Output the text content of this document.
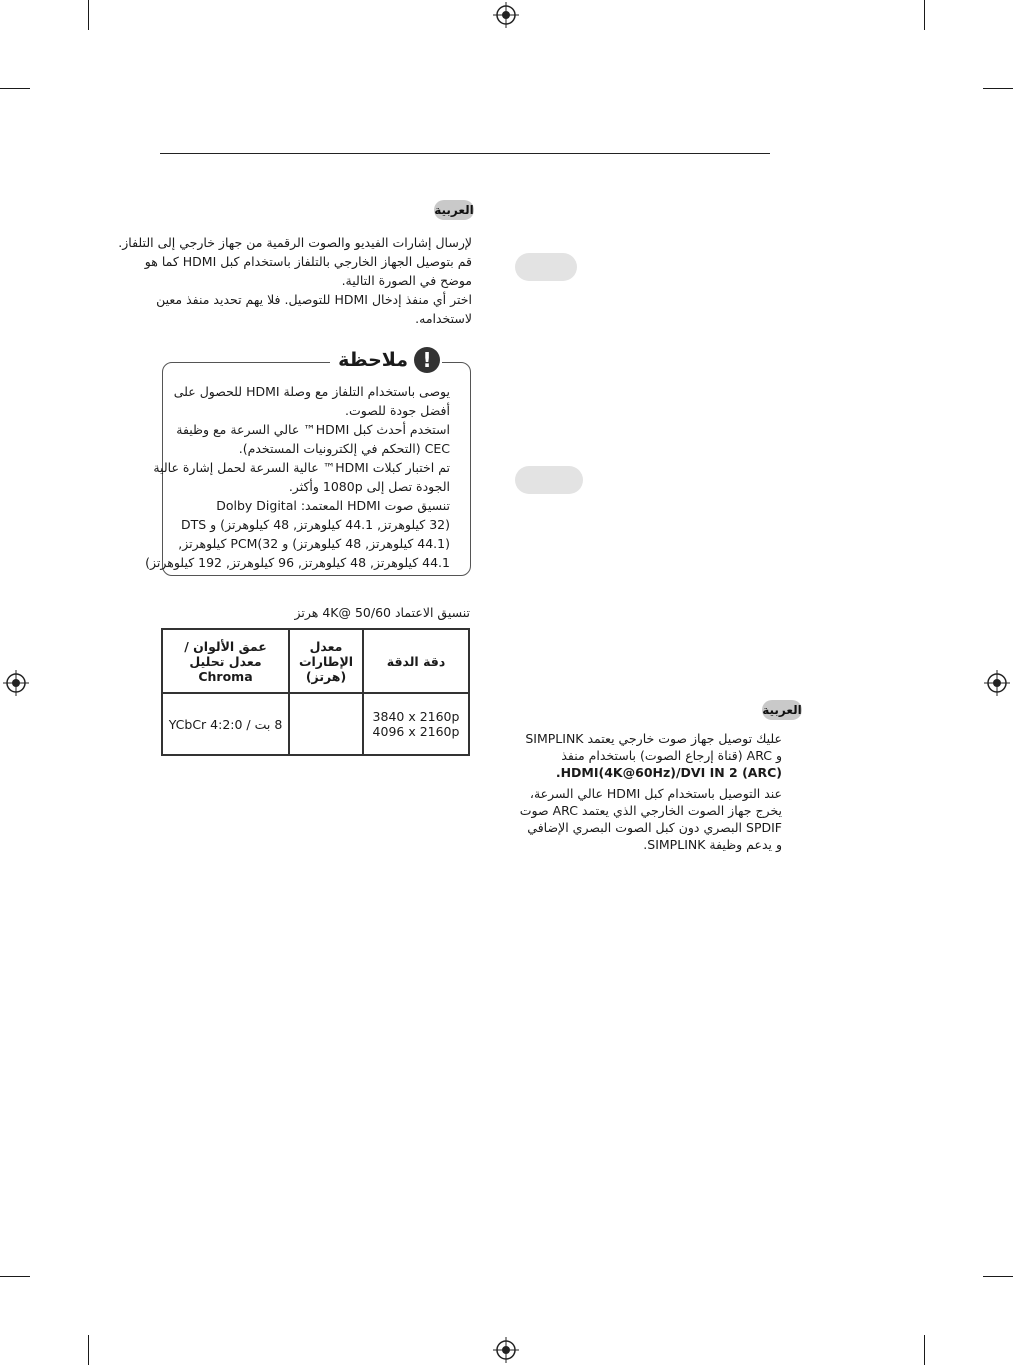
العربية
لإرسال إشارات الفيديو والصوت الرقمية من جهاز خارجي إلى التلفاز.
قم بتوصيل الجهاز الخارجي بالتلفاز باستخدام كبل HDMI كما هو
موضح في الصورة التالية.
اختر أي منفذ إدخال HDMI للتوصيل. فلا يهم تحديد منفذ معين
لاستخدامه.
!
ملاحظة
يوصى باستخدام التلفاز مع وصلة HDMI للحصول على
أفضل جودة للصوت.
استخدم أحدث كبل HDMI™ عالي السرعة مع وظيفة
CEC (التحكم في إلكترونيات المستخدم).
تم اختبار كبلات HDMI™ عالية السرعة لحمل إشارة عالية
الجودة تصل إلى 1080p وأكثر.
تنسيق صوت HDMI المعتمد: Dolby Digital
(32 كيلوهرتز, 44.1 كيلوهرتز, 48 كيلوهرتز) و DTS
(44.1 كيلوهرتز, 48 كيلوهرتز) و PCM(32 كيلوهرتز,
44.1 كيلوهرتز, 48 كيلوهرتز, 96 كيلوهرتز, 192 كيلوهرتز)
تنسيق الاعتماد 4K@ 50/60 هرتز
دقة الدقة	معدل الإطارات (هرتز)	عمق الألوان / معدل تحليل Chroma

3840 x 2160p
4096 x 2160p		8 بت / YCbCr 4:2:0
العربية
عليك توصيل جهاز صوت خارجي يعتمد SIMPLINK
و ARC (قناة إرجاع الصوت) باستخدام منفذ
HDMI(4K@60Hz)/DVI IN 2 (ARC).
عند التوصيل باستخدام كبل HDMI عالي السرعة،
يخرج جهاز الصوت الخارجي الذي يعتمد ARC صوت
SPDIF البصري دون كبل الصوت البصري الإضافي
و يدعم وظيفة SIMPLINK.
